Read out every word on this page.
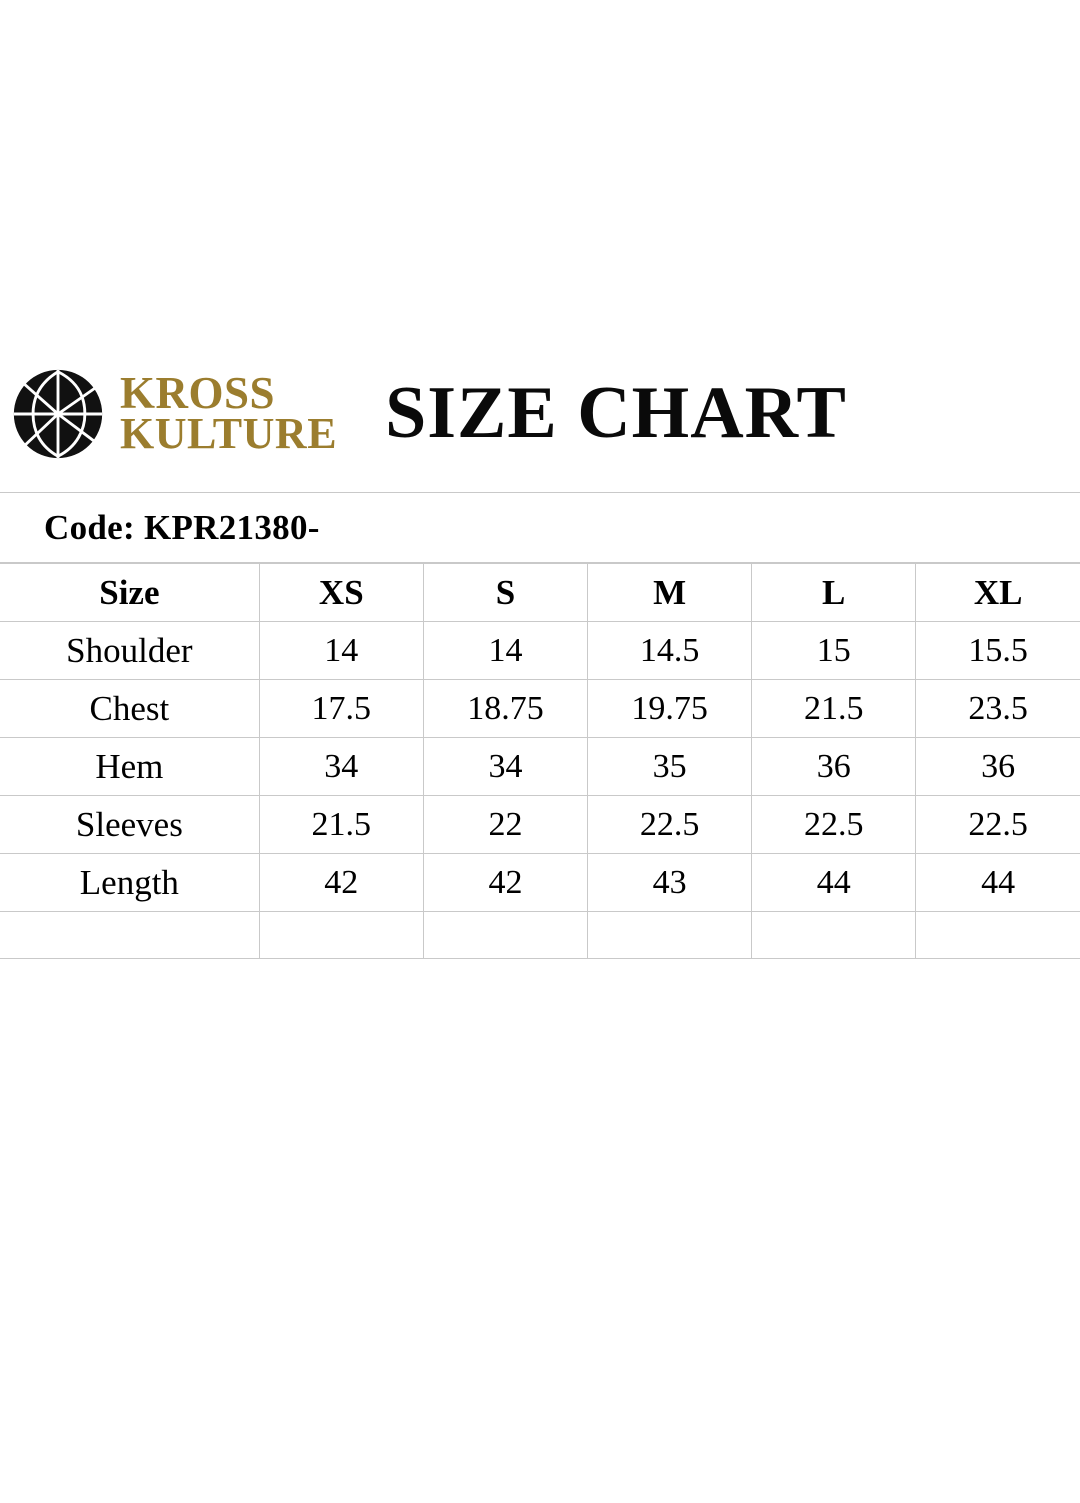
KROSS
KULTURE SIZE CHART
Code: KPR21380-
Size	XS	S	M	L	XL
Shoulder	14	14	14.5	15	15.5
Chest	17.5	18.75	19.75	21.5	23.5
Hem	34	34	35	36	36
Sleeves	21.5	22	22.5	22.5	22.5
Length	42	42	43	44	44
